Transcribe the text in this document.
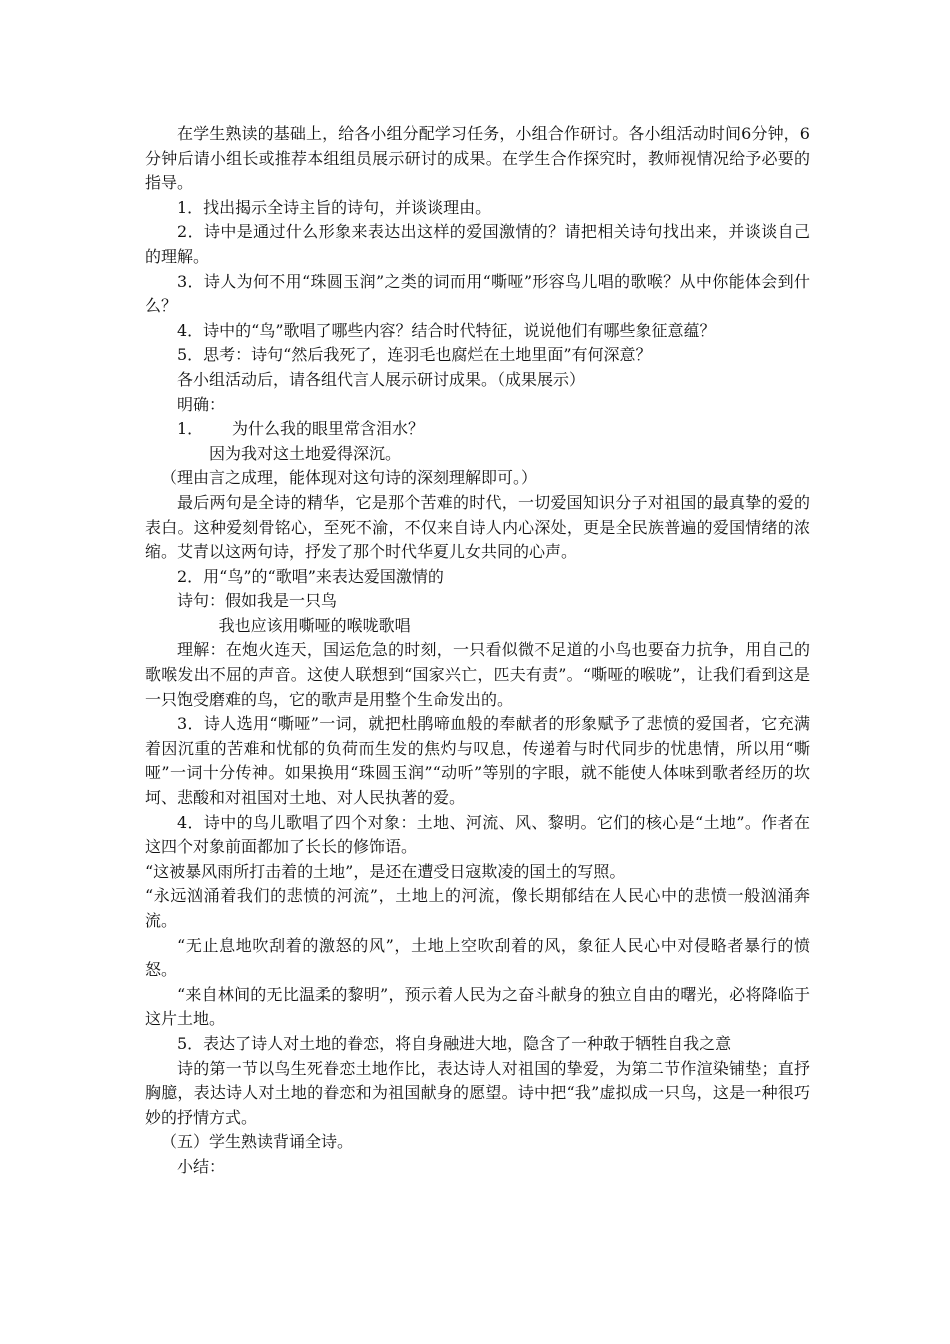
在学生熟读的基础上，给各小组分配学习任务，小组合作研讨。各小组活动时间6分钟，6分钟后请小组长或推荐本组组员展示研讨的成果。在学生合作探究时，教师视情况给予必要的指导。

1．找出揭示全诗主旨的诗句，并谈谈理由。

2．诗中是通过什么形象来表达出这样的爱国激情的？请把相关诗句找出来，并谈谈自己的理解。

3．诗人为何不用“珠圆玉润”之类的词而用“嘶哑”形容鸟儿唱的歌喉？从中你能体会到什么？

4．诗中的“鸟”歌唱了哪些内容？结合时代特征，说说他们有哪些象征意蕴？

5．思考：诗句“然后我死了，连羽毛也腐烂在土地里面”有何深意？

各小组活动后，请各组代言人展示研讨成果。（成果展示）

明确：

1． 为什么我的眼里常含泪水？

因为我对这土地爱得深沉。

（理由言之成理，能体现对这句诗的深刻理解即可。）

最后两句是全诗的精华，它是那个苦难的时代，一切爱国知识分子对祖国的最真挚的爱的表白。这种爱刻骨铭心，至死不渝，不仅来自诗人内心深处，更是全民族普遍的爱国情绪的浓缩。艾青以这两句诗，抒发了那个时代华夏儿女共同的心声。

2．用“鸟”的“歌唱”来表达爱国激情的

诗句：假如我是一只鸟

我也应该用嘶哑的喉咙歌唱

理解：在炮火连天，国运危急的时刻，一只看似微不足道的小鸟也要奋力抗争，用自己的歌喉发出不屈的声音。这使人联想到“国家兴亡，匹夫有责”。“嘶哑的喉咙”，让我们看到这是一只饱受磨难的鸟，它的歌声是用整个生命发出的。

3．诗人选用“嘶哑”一词，就把杜鹃啼血般的奉献者的形象赋予了悲愤的爱国者，它充满着因沉重的苦难和忧郁的负荷而生发的焦灼与叹息，传递着与时代同步的忧患情，所以用“嘶哑”一词十分传神。如果换用“珠圆玉润”“动听”等别的字眼，就不能使人体味到歌者经历的坎坷、悲酸和对祖国对土地、对人民执著的爱。

4．诗中的鸟儿歌唱了四个对象：土地、河流、风、黎明。它们的核心是“土地”。作者在这四个对象前面都加了长长的修饰语。

“这被暴风雨所打击着的土地”，是还在遭受日寇欺凌的国土的写照。

“永远汹涌着我们的悲愤的河流”，土地上的河流，像长期郁结在人民心中的悲愤一般汹涌奔流。

“无止息地吹刮着的激怒的风”，土地上空吹刮着的风，象征人民心中对侵略者暴行的愤怒。

“来自林间的无比温柔的黎明”，预示着人民为之奋斗献身的独立自由的曙光，必将降临于这片土地。

5．表达了诗人对土地的眷恋，将自身融进大地，隐含了一种敢于牺牲自我之意

诗的第一节以鸟生死眷恋土地作比，表达诗人对祖国的挚爱，为第二节作渲染铺垫；直抒胸臆，表达诗人对土地的眷恋和为祖国献身的愿望。诗中把“我”虚拟成一只鸟，这是一种很巧妙的抒情方式。

（五）学生熟读背诵全诗。

小结：
